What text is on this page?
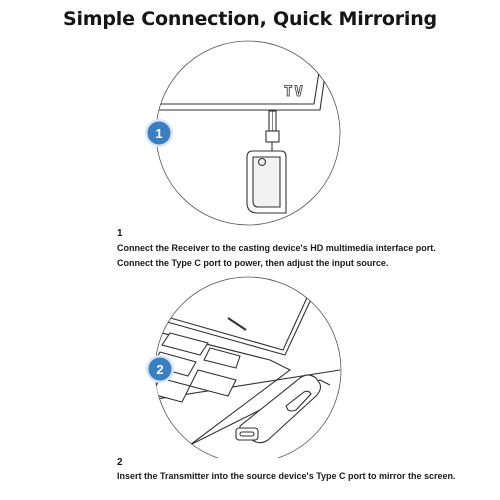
Simple Connection, Quick Mirroring
TV
1
1
Connect the Receiver to the casting device's HD multimedia interface port.
Connect the Type C port to power, then adjust the input source.
2
2
Insert the Transmitter into the source device's Type C port to mirror the screen.
